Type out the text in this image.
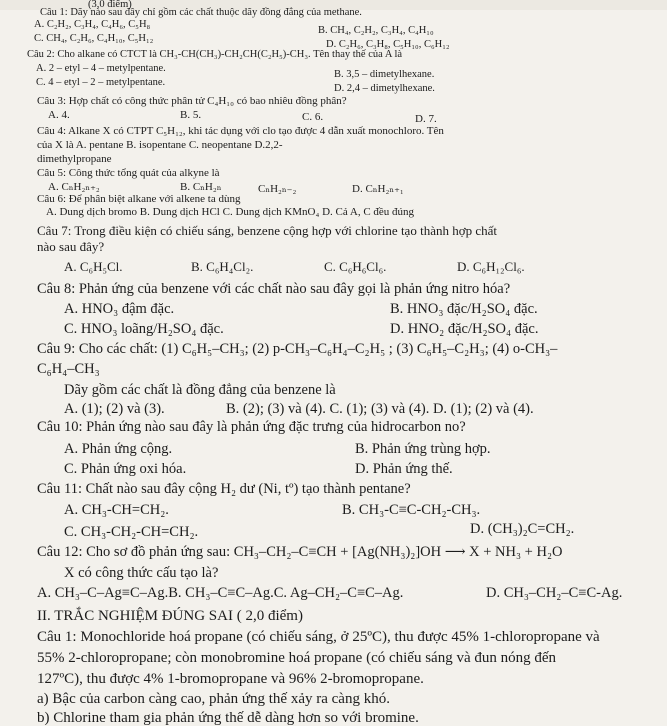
(3,0 điểm)
Câu 1: Dãy nào sau đây chỉ gồm các chất thuộc dãy đồng đẳng của methane.
A. C₂H₂, C₃H₄, C₄H₆, C₅H₈
B. CH₄, C₂H₂, C₃H₄, C₄H₁₀
C. CH₄, C₂H₆, C₄H₁₀, C₅H₁₂
D. C₂H₆, C₃H₈, C₅H₁₀, C₆H₁₂
Câu 2: Cho alkane có CTCT là CH₃-CH(CH₃)-CH₂CH(C₂H₅)-CH₃. Tên thay thế của A là
A. 2 – etyl – 4 – metylpentane.
B. 3,5 – dimetylhexane.
C. 4 – etyl – 2 – metylpentane.
D. 2,4 – dimetylhexane.
Câu 3: Hợp chất có công thức phân tử C₄H₁₀ có bao nhiêu đồng phân?
A. 4.	B. 5.	C. 6.	D. 7.
Câu 4: Alkane X có CTPT C₅H₁₂, khi tác dụng với clo tạo được 4 dẫn xuất monochloro. Tên
của X là A. pentane B. isopentane C. neopentane D.2,2-
dimethylpropane
Câu 5: Công thức tổng quát của alkyne là
A. CₙH₂ₙ₊₂	B. CₙH₂ₙ	CₙH₂ₙ₋₂	D. CₙH₂ₙ₊₁
Câu 6: Để phân biệt alkane với alkene ta dùng
A. Dung dịch bromo B. Dung dịch HCl C. Dung dịch KMnO₄ D. Cả A, C đều đúng
Câu 7: Trong điều kiện có chiếu sáng, benzene cộng hợp với chlorine tạo thành hợp chất
nào sau đây?
A. C₆H₅Cl.	B. C₆H₄Cl₂.	C. C₆H₆Cl₆.	D. C₆H₁₂Cl₆.
Câu 8: Phản ứng của benzene với các chất nào sau đây gọi là phản ứng nitro hóa?
A. HNO₃ đậm đặc.	B. HNO₃ đặc/H₂SO₄ đặc.
C. HNO₃ loãng/H₂SO₄ đặc.	D. HNO₂ đặc/H₂SO₄ đặc.
Câu 9: Cho các chất: (1) C₆H₅–CH₃; (2) p-CH₃–C₆H₄–C₂H₅ ; (3) C₆H₅–C₂H₃; (4) o-CH₃–
C₆H₄–CH₃
Dãy gồm các chất là đồng đẳng của benzene là
A. (1); (2) và (3).	B. (2); (3) và (4). C. (1); (3) và (4). D. (1); (2) và (4).
Câu 10: Phản ứng nào sau đây là phản ứng đặc trưng của hidrocarbon no?
A. Phản ứng cộng.	B. Phản ứng trùng hợp.
C. Phản ứng oxi hóa.	D. Phản ứng thế.
Câu 11: Chất nào sau đây cộng H₂ dư (Ni, tº) tạo thành pentane?
A. CH₃-CH=CH₂.	B. CH₃-C≡C-CH₂-CH₃.
C. CH₃-CH₂-CH=CH₂.	D. (CH₃)₂C=CH₂.
Câu 12: Cho sơ đồ phản ứng sau: CH₃–CH₂–C≡CH + [Ag(NH₃)₂]OH ⟶ X + NH₃ + H₂O
X có công thức cấu tạo là?
A. CH₃–C–Ag≡C–Ag.B. CH₃–C≡C–Ag.C. Ag–CH₂–C≡C–Ag.	D. CH₃–CH₂–C≡C-Ag.
II. TRẮC NGHIỆM ĐÚNG SAI ( 2,0 điểm)
Câu 1: Monochloride hoá propane (có chiếu sáng, ở 25ºC), thu được 45% 1-chloropropane và
55% 2-chloropropane; còn monobromine hoá propane (có chiếu sáng và đun nóng đến
127ºC), thu được 4% 1-bromopropane và 96% 2-bromopropane.
a) Bậc của carbon càng cao, phản ứng thế xảy ra càng khó.
b) Chlorine tham gia phản ứng thế dễ dàng hơn so với bromine.
